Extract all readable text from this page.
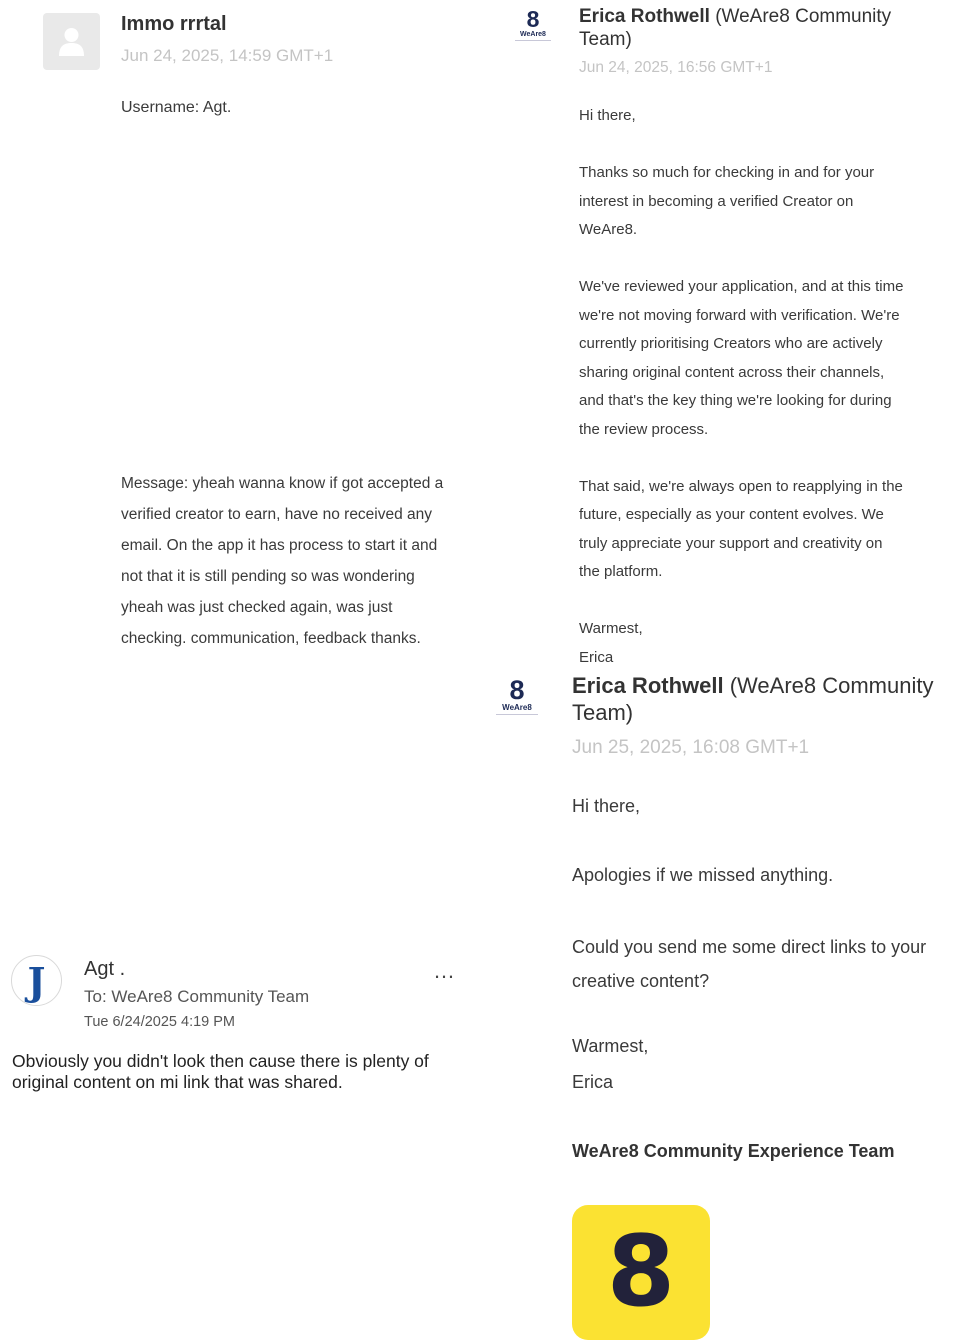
Immo rrrtal
Jun 24, 2025, 14:59 GMT+1
Username: Agt.
Message: yheah wanna know if got accepted a
verified creator to earn, have no received any
email. On the app it has process to start it and
not that it is still pending so was wondering
yheah was just checked again, was just
checking. communication, feedback thanks.
8
WeAre8
Erica Rothwell (WeAre8 Community
Team)
Jun 24, 2025, 16:56 GMT+1
Hi there,
Thanks so much for checking in and for your
interest in becoming a verified Creator on
WeAre8.
We've reviewed your application, and at this time
we're not moving forward with verification. We're
currently prioritising Creators who are actively
sharing original content across their channels,
and that's the key thing we're looking for during
the review process.
That said, we're always open to reapplying in the
future, especially as your content evolves. We
truly appreciate your support and creativity on
the platform.
Warmest,
Erica
8
WeAre8
Erica Rothwell (WeAre8 Community
Team)
Jun 25, 2025, 16:08 GMT+1
Hi there,
Apologies if we missed anything.
Could you send me some direct links to your
creative content?
Warmest,
Erica
WeAre8 Community Experience Team
8
J	Agt .	…
To: WeAre8 Community Team
Tue 6/24/2025 4:19 PM
Obviously you didn't look then cause there is plenty of
original content on mi link that was shared.
